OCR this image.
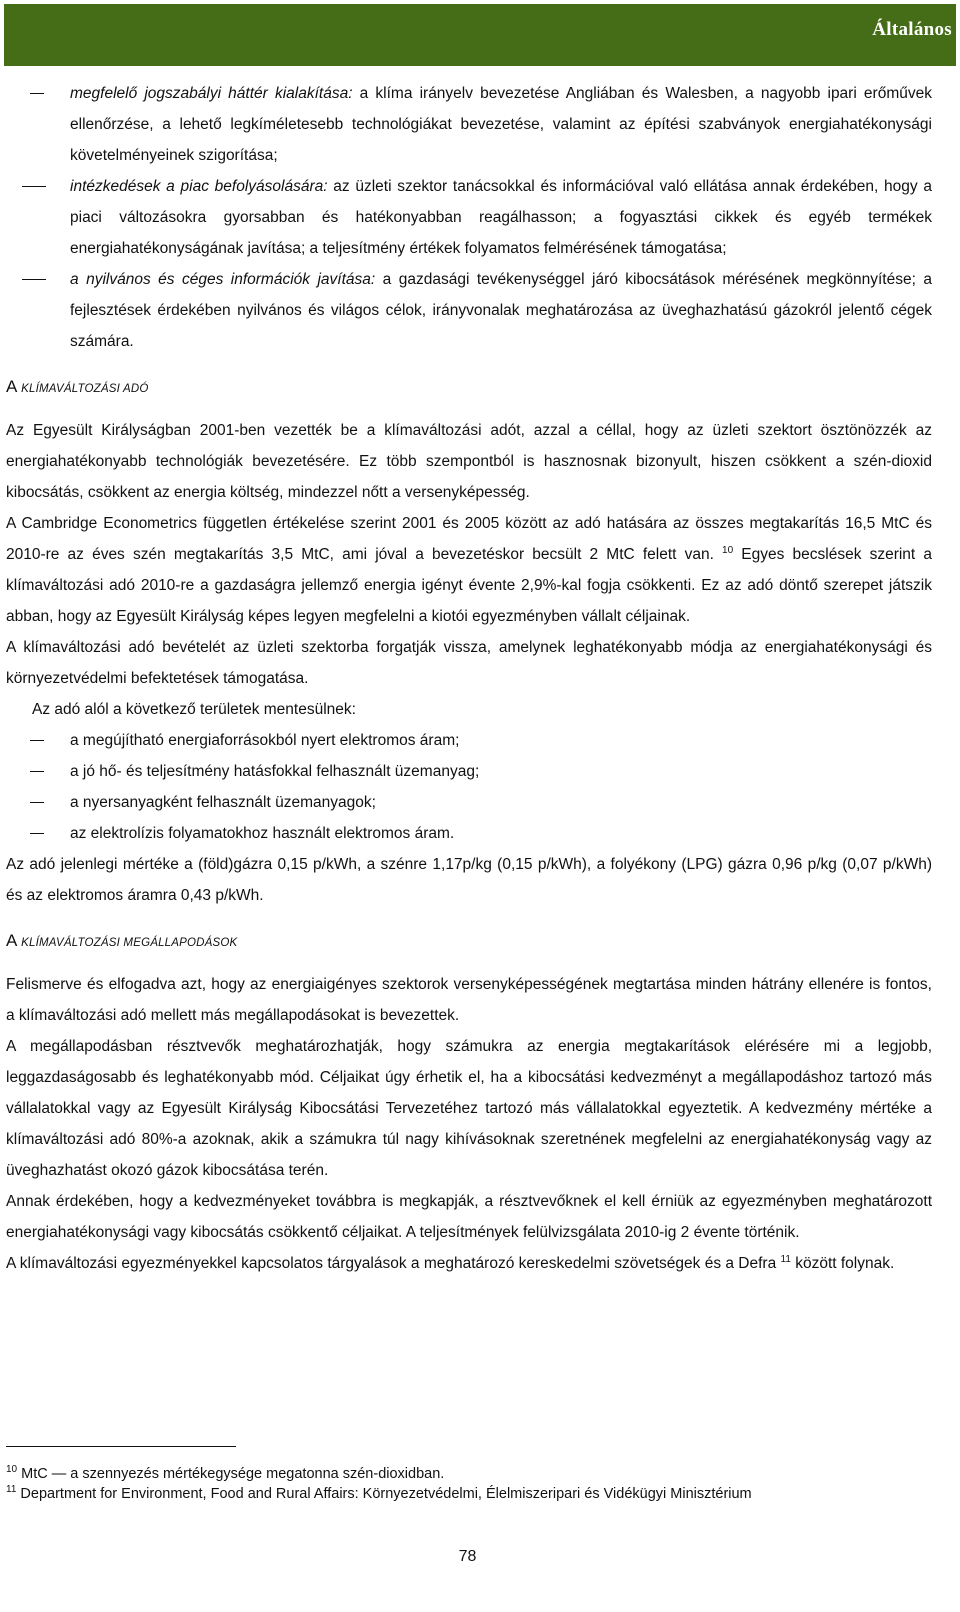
Általános
megfelelő jogszabályi háttér kialakítása: a klíma irányelv bevezetése Angliában és Walesben, a nagyobb ipari erőművek ellenőrzése, a lehető legkíméletesebb technológiákat bevezetése, valamint az építési szabványok energiahatékonysági követelményeinek szigorítása;
intézkedések a piac befolyásolására: az üzleti szektor tanácsokkal és információval való ellátása annak érdekében, hogy a piaci változásokra gyorsabban és hatékonyabban reagálhasson; a fogyasztási cikkek és egyéb termékek energiahatékonyságának javítása; a teljesítmény értékek folyamatos felmérésének támogatása;
a nyilvános és céges információk javítása: a gazdasági tevékenységgel járó kibocsátások mérésének megkönnyítése; a fejlesztések érdekében nyilvános és világos célok, irányvonalak meghatározása az üveghazhatású gázokról jelentő cégek számára.
A KLÍMAVÁLTOZÁSI ADÓ

Az Egyesült Királyságban 2001-ben vezették be a klímaváltozási adót, azzal a céllal, hogy az üzleti szektort ösztönözzék az energiahatékonyabb technológiák bevezetésére. Ez több szempontból is hasznosnak bizonyult, hiszen csökkent a szén-dioxid kibocsátás, csökkent az energia költség, mindezzel nőtt a versenyképesség.

A Cambridge Econometrics független értékelése szerint 2001 és 2005 között az adó hatására az összes megtakarítás 16,5 MtC és 2010-re az éves szén megtakarítás 3,5 MtC, ami jóval a bevezetéskor becsült 2 MtC felett van. $^{10}$ Egyes becslések szerint a klímaváltozási adó 2010-re a gazdaságra jellemző energia igényt évente 2,9%-kal fogja csökkenti. Ez az adó döntő szerepet játszik abban, hogy az Egyesült Királyság képes legyen megfelelni a kiotói egyezményben vállalt céljainak.

A klímaváltozási adó bevételét az üzleti szektorba forgatják vissza, amelynek leghatékonyabb módja az energiahatékonysági és környezetvédelmi befektetések támogatása.

Az adó alól a következő területek mentesülnek:

a megújítható energiaforrásokból nyert elektromos áram;
a jó hő- és teljesítmény hatásfokkal felhasznált üzemanyag;
a nyersanyagként felhasznált üzemanyagok;
az elektrolízis folyamatokhoz használt elektromos áram.

Az adó jelenlegi mértéke a (föld)gázra 0,15 p/kWh, a szénre 1,17p/kg (0,15 p/kWh), a folyékony (LPG) gázra 0,96 p/kg (0,07 p/kWh) és az elektromos áramra 0,43 p/kWh.

A KLÍMAVÁLTOZÁSI MEGÁLLAPODÁSOK

Felismerve és elfogadva azt, hogy az energiaigényes szektorok versenyképességének megtartása minden hátrány ellenére is fontos, a klímaváltozási adó mellett más megállapodásokat is bevezettek.

A megállapodásban résztvevők meghatározhatják, hogy számukra az energia megtakarítások elérésére mi a legjobb, leggazdaságosabb és leghatékonyabb mód. Céljaikat úgy érhetik el, ha a kibocsátási kedvezményt a megállapodáshoz tartozó más vállalatokkal vagy az Egyesült Királyság Kibocsátási Tervezetéhez tartozó más vállalatokkal egyeztetik. A kedvezmény mértéke a klímaváltozási adó 80%-a azoknak, akik a számukra túl nagy kihívásoknak szeretnének megfelelni az energiahatékonyság vagy az üveghazhatást okozó gázok kibocsátása terén.

Annak érdekében, hogy a kedvezményeket továbbra is megkapják, a résztvevőknek el kell érniük az egyezményben meghatározott energiahatékonysági vagy kibocsátás csökkentő céljaikat. A teljesítmények felülvizsgálata 2010-ig 2 évente történik.

A klímaváltozási egyezményekkel kapcsolatos tárgyalások a meghatározó kereskedelmi szövetségek és a Defra $^{11}$ között folynak.

$^{10}$ MtC — a szennyezés mértékegysége megatonna szén-dioxidban.
$^{11}$ Department for Environment, Food and Rural Affairs: Környezetvédelmi, Élelmiszeripari és Vidékügyi Minisztérium
78
